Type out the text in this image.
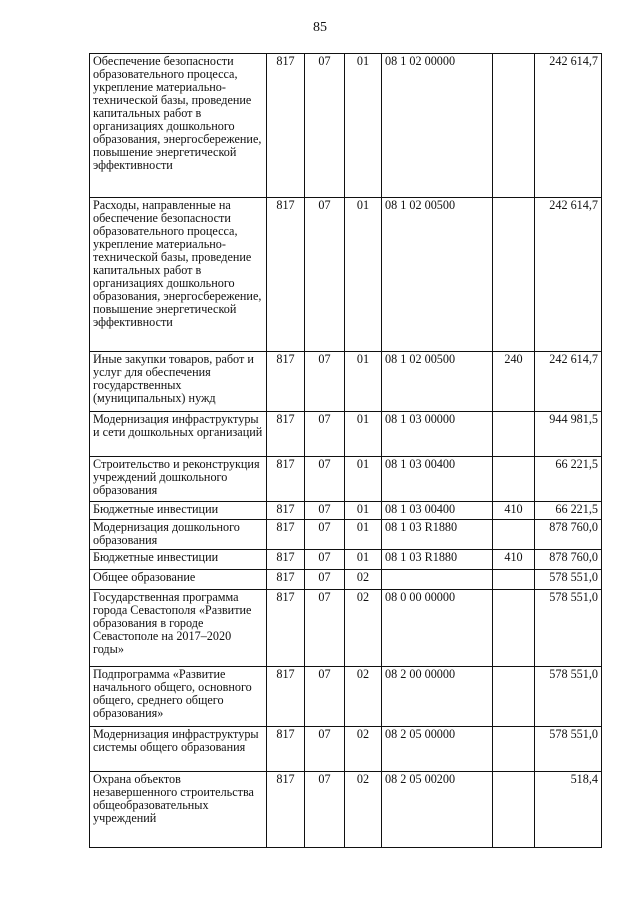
85
Обеспечение безопасности образовательного процесса, укрепление материально-технической базы, проведение капитальных работ в организациях дошкольного образования, энергосбережение, повышение энергетической эффективности	817	07	01	08 1 02 00000		242 614,7
Расходы, направленные на обеспечение безопасности образовательного процесса, укрепление материально-технической базы, проведение капитальных работ в организациях дошкольного образования, энергосбережение, повышение энергетической эффективности	817	07	01	08 1 02 00500		242 614,7
Иные закупки товаров, работ и услуг для обеспечения государственных (муниципальных) нужд	817	07	01	08 1 02 00500	240	242 614,7
Модернизация инфраструктуры и сети дошкольных организаций	817	07	01	08 1 03 00000		944 981,5
Строительство и реконструкция учреждений дошкольного образования	817	07	01	08 1 03 00400		66 221,5
Бюджетные инвестиции	817	07	01	08 1 03 00400	410	66 221,5
Модернизация дошкольного образования	817	07	01	08 1 03 R1880		878 760,0
Бюджетные инвестиции	817	07	01	08 1 03 R1880	410	878 760,0
Общее образование	817	07	02			578 551,0
Государственная программа города Севастополя «Развитие образования в городе Севастополе на 2017–2020 годы»	817	07	02	08 0 00 00000		578 551,0
Подпрограмма «Развитие начального общего, основного общего, среднего общего образования»	817	07	02	08 2 00 00000		578 551,0
Модернизация инфраструктуры системы общего образования	817	07	02	08 2 05 00000		578 551,0
Охрана объектов незавершенного строительства общеобразовательных учреждений	817	07	02	08 2 05 00200		518,4
